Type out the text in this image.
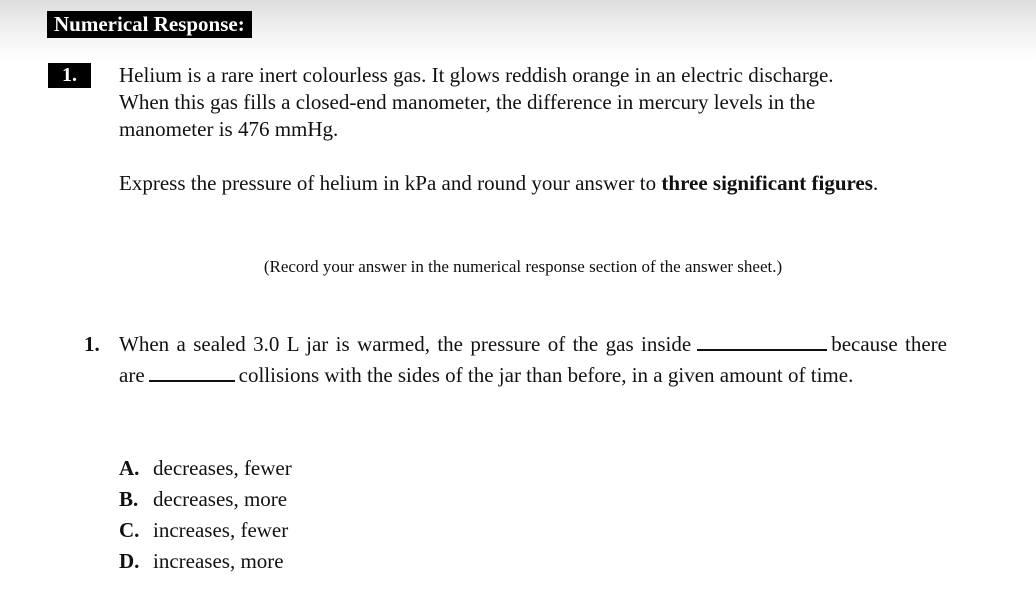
Numerical Response:
1.	Helium is a rare inert colourless gas. It glows reddish orange in an electric discharge.

When this gas fills a closed-end manometer, the difference in mercury levels in the

manometer is 476 mmHg.

Express the pressure of helium in kPa and round your answer to three significant figures.
(Record your answer in the numerical response section of the answer sheet.)
1. When a sealed 3.0 L jar is warmed, the pressure of the gas inside	because there are	collisions with the sides of the jar than before, in a given amount of time.
A. decreases, fewer
B. decreases, more
C. increases, fewer
D. increases, more
